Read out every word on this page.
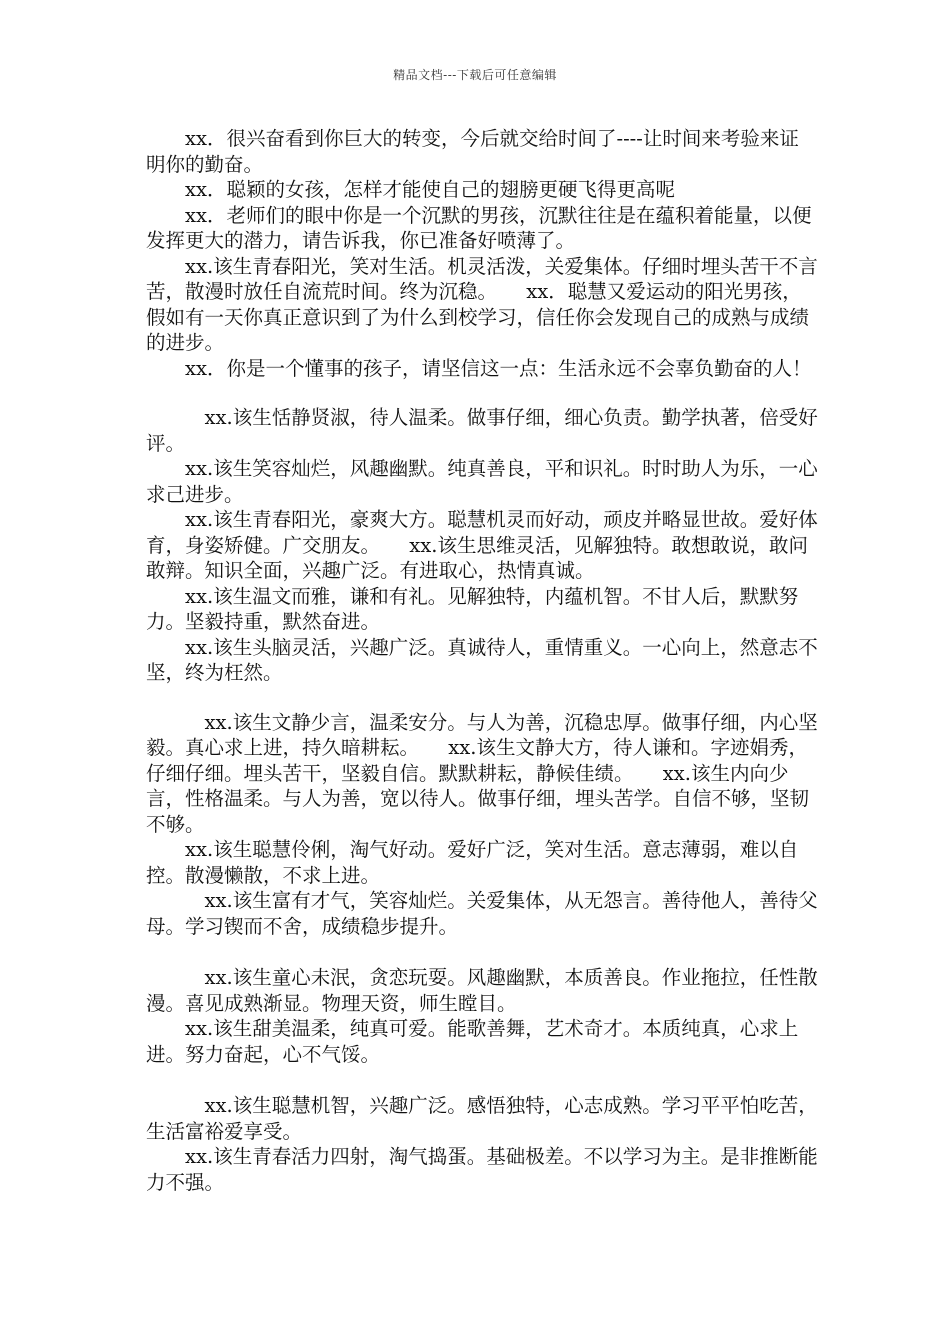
精品文档---下载后可任意编辑

xx．很兴奋看到你巨大的转变，今后就交给时间了----让时间来考验来证明你的勤奋。

xx．聪颖的女孩，怎样才能使自己的翅膀更硬飞得更高呢

xx．老师们的眼中你是一个沉默的男孩，沉默往往是在蕴积着能量，以便发挥更大的潜力，请告诉我，你已准备好喷薄了。

xx.该生青春阳光，笑对生活。机灵活泼，关爱集体。仔细时埋头苦干不言苦，散漫时放任自流荒时间。终为沉稳。　　xx．聪慧又爱运动的阳光男孩，假如有一天你真正意识到了为什么到校学习，信任你会发现自己的成熟与成绩的进步。

xx．你是一个懂事的孩子，请坚信这一点：生活永远不会辜负勤奋的人！

xx.该生恬静贤淑，待人温柔。做事仔细，细心负责。勤学执著，倍受好评。

xx.该生笑容灿烂，风趣幽默。纯真善良，平和识礼。时时助人为乐，一心求己进步。

xx.该生青春阳光，豪爽大方。聪慧机灵而好动，顽皮并略显世故。爱好体育，身姿矫健。广交朋友。　　xx.该生思维灵活，见解独特。敢想敢说，敢问敢辩。知识全面，兴趣广泛。有进取心，热情真诚。

xx.该生温文而雅，谦和有礼。见解独特，内蕴机智。不甘人后，默默努力。坚毅持重，默然奋进。

xx.该生头脑灵活，兴趣广泛。真诚待人，重情重义。一心向上，然意志不坚，终为枉然。

xx.该生文静少言，温柔安分。与人为善，沉稳忠厚。做事仔细，内心坚毅。真心求上进，持久暗耕耘。　　xx.该生文静大方，待人谦和。字迹娟秀，仔细仔细。埋头苦干，坚毅自信。默默耕耘，静候佳绩。　　xx.该生内向少言，性格温柔。与人为善，宽以待人。做事仔细，埋头苦学。自信不够，坚韧不够。

xx.该生聪慧伶俐，淘气好动。爱好广泛，笑对生活。意志薄弱，难以自控。散漫懒散，不求上进。

xx.该生富有才气，笑容灿烂。关爱集体，从无怨言。善待他人，善待父母。学习锲而不舍，成绩稳步提升。

xx.该生童心未泯，贪恋玩耍。风趣幽默，本质善良。作业拖拉，任性散漫。喜见成熟渐显。物理天资，师生瞠目。

xx.该生甜美温柔，纯真可爱。能歌善舞，艺术奇才。本质纯真，心求上进。努力奋起，心不气馁。

xx.该生聪慧机智，兴趣广泛。感悟独特，心志成熟。学习平平怕吃苦，生活富裕爱享受。

xx.该生青春活力四射，淘气捣蛋。基础极差。不以学习为主。是非推断能力不强。
